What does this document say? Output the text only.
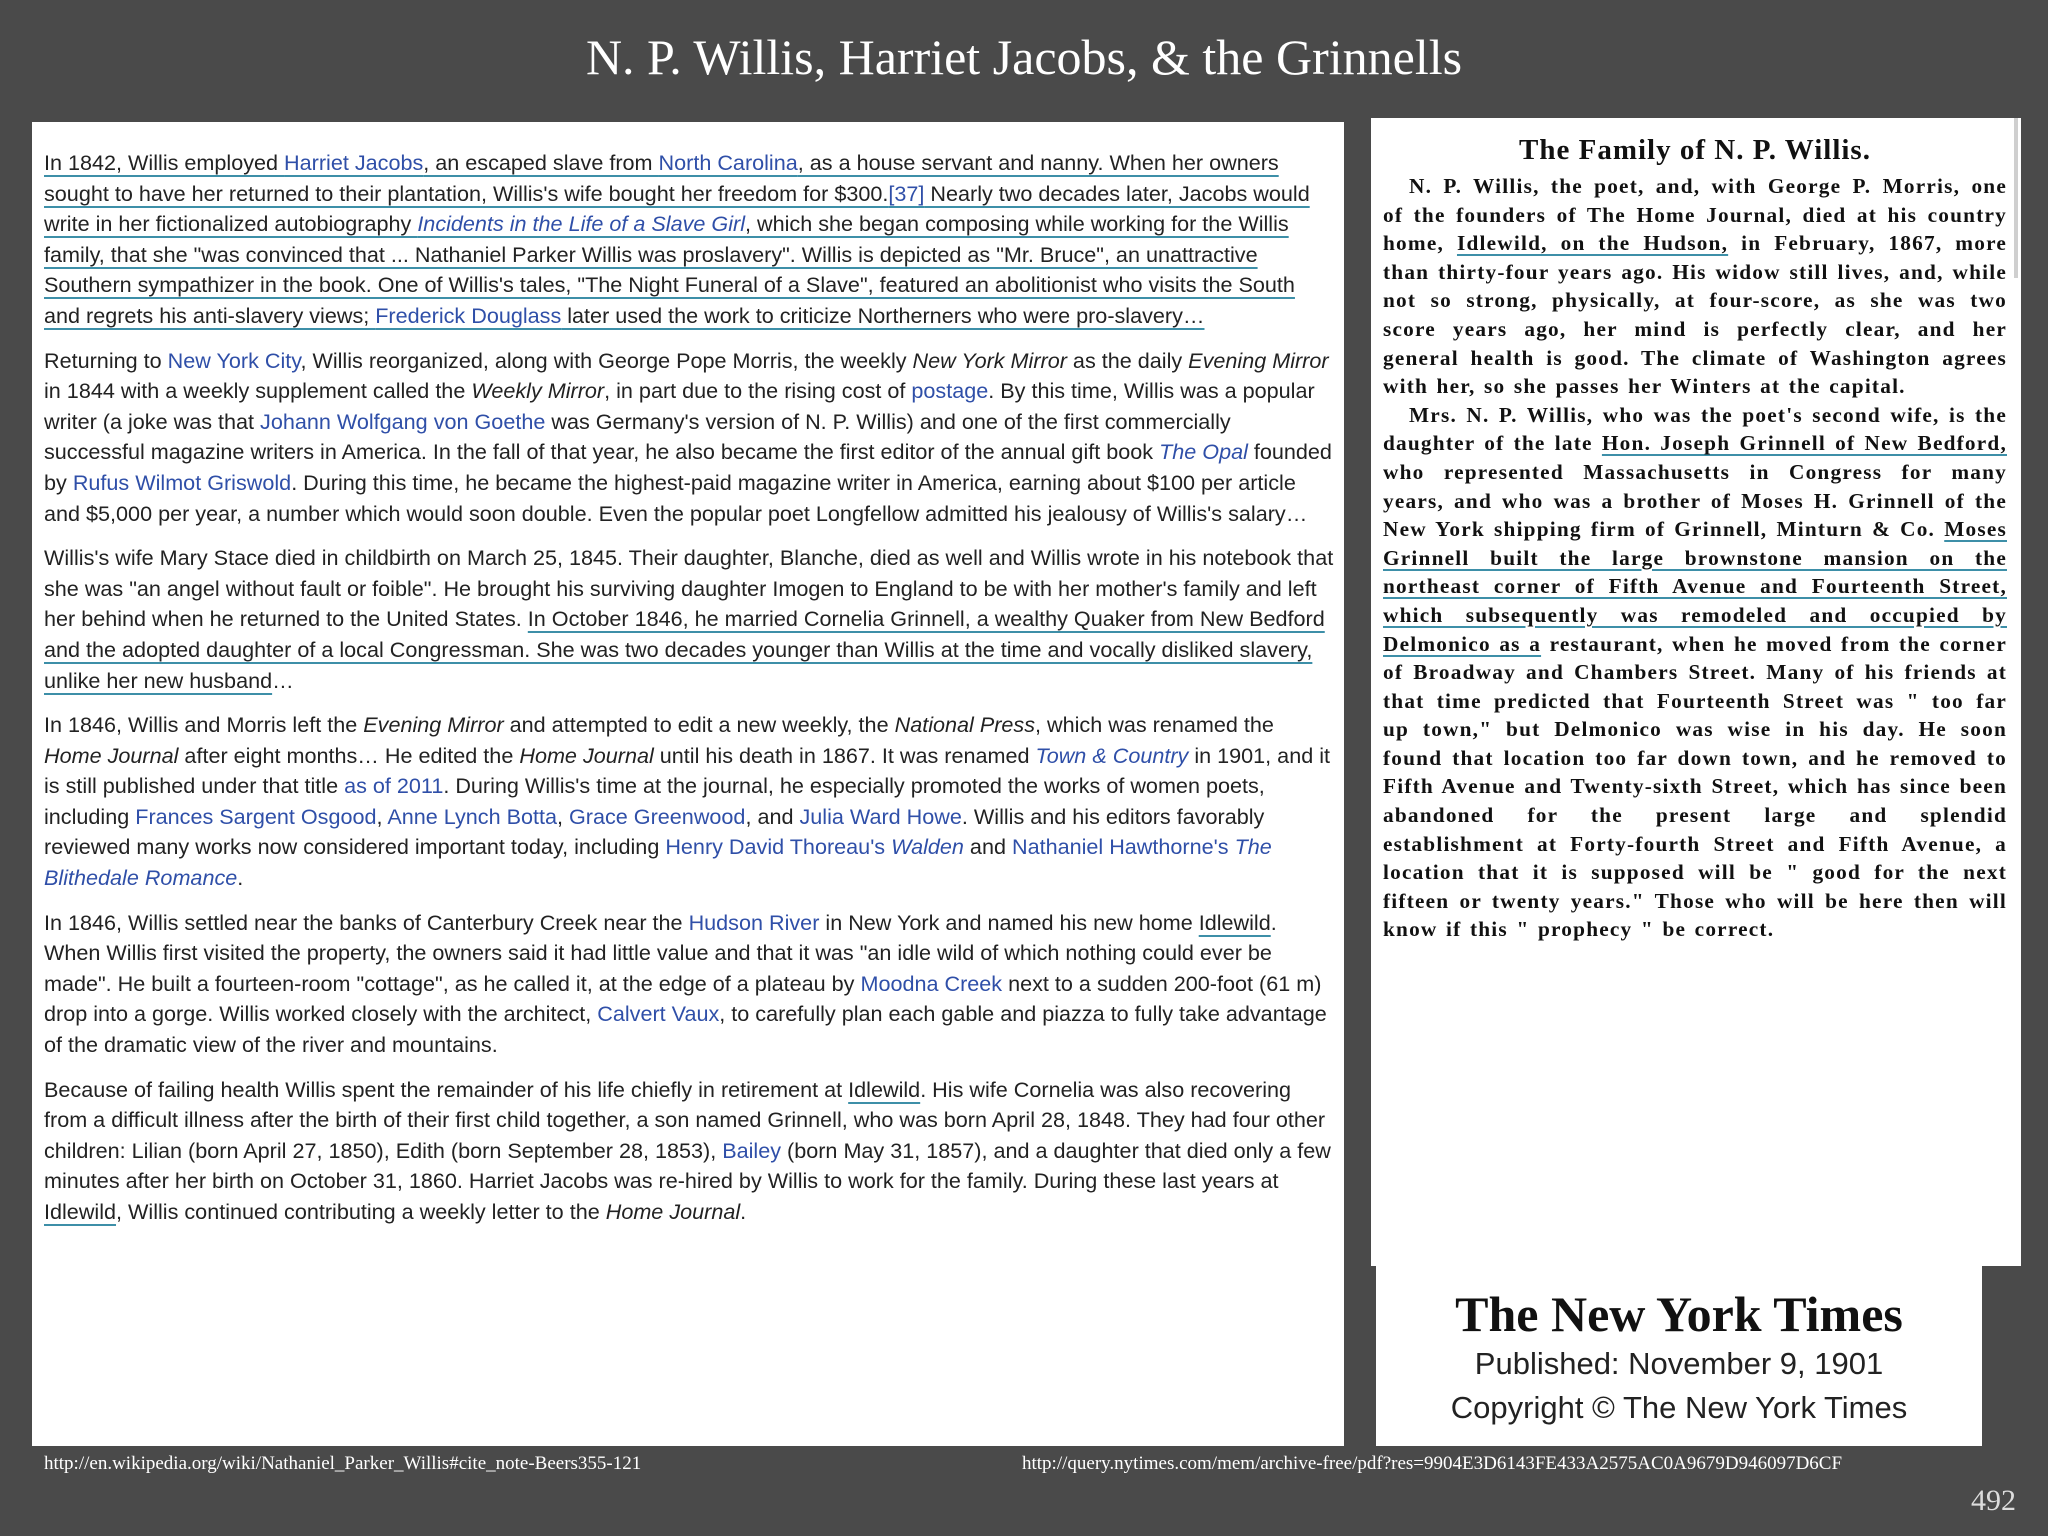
N. P. Willis, Harriet Jacobs, & the Grinnells

In 1842, Willis employed Harriet Jacobs, an escaped slave from North Carolina, as a house servant and nanny. When her owners sought to have her returned to their plantation, Willis's wife bought her freedom for $300.[37] Nearly two decades later, Jacobs would write in her fictionalized autobiography Incidents in the Life of a Slave Girl, which she began composing while working for the Willis family, that she "was convinced that ... Nathaniel Parker Willis was proslavery". Willis is depicted as "Mr. Bruce", an unattractive Southern sympathizer in the book. One of Willis's tales, "The Night Funeral of a Slave", featured an abolitionist who visits the South and regrets his anti-slavery views; Frederick Douglass later used the work to criticize Northerners who were pro-slavery…

Returning to New York City, Willis reorganized, along with George Pope Morris, the weekly New York Mirror as the daily Evening Mirror in 1844 with a weekly supplement called the Weekly Mirror, in part due to the rising cost of postage. By this time, Willis was a popular writer (a joke was that Johann Wolfgang von Goethe was Germany's version of N. P. Willis) and one of the first commercially successful magazine writers in America. In the fall of that year, he also became the first editor of the annual gift book The Opal founded by Rufus Wilmot Griswold. During this time, he became the highest-paid magazine writer in America, earning about $100 per article and $5,000 per year, a number which would soon double. Even the popular poet Longfellow admitted his jealousy of Willis's salary…

Willis's wife Mary Stace died in childbirth on March 25, 1845. Their daughter, Blanche, died as well and Willis wrote in his notebook that she was "an angel without fault or foible". He brought his surviving daughter Imogen to England to be with her mother's family and left her behind when he returned to the United States. In October 1846, he married Cornelia Grinnell, a wealthy Quaker from New Bedford and the adopted daughter of a local Congressman. She was two decades younger than Willis at the time and vocally disliked slavery, unlike her new husband…

In 1846, Willis and Morris left the Evening Mirror and attempted to edit a new weekly, the National Press, which was renamed the Home Journal after eight months… He edited the Home Journal until his death in 1867. It was renamed Town & Country in 1901, and it is still published under that title as of 2011. During Willis's time at the journal, he especially promoted the works of women poets, including Frances Sargent Osgood, Anne Lynch Botta, Grace Greenwood, and Julia Ward Howe. Willis and his editors favorably reviewed many works now considered important today, including Henry David Thoreau's Walden and Nathaniel Hawthorne's The Blithedale Romance.

In 1846, Willis settled near the banks of Canterbury Creek near the Hudson River in New York and named his new home Idlewild. When Willis first visited the property, the owners said it had little value and that it was "an idle wild of which nothing could ever be made". He built a fourteen-room "cottage", as he called it, at the edge of a plateau by Moodna Creek next to a sudden 200-foot (61 m) drop into a gorge. Willis worked closely with the architect, Calvert Vaux, to carefully plan each gable and piazza to fully take advantage of the dramatic view of the river and mountains.

Because of failing health Willis spent the remainder of his life chiefly in retirement at Idlewild. His wife Cornelia was also recovering from a difficult illness after the birth of their first child together, a son named Grinnell, who was born April 28, 1848. They had four other children: Lilian (born April 27, 1850), Edith (born September 28, 1853), Bailey (born May 31, 1857), and a daughter that died only a few minutes after her birth on October 31, 1860. Harriet Jacobs was re-hired by Willis to work for the family. During these last years at Idlewild, Willis continued contributing a weekly letter to the Home Journal.

The Family of N. P. Willis.

N. P. Willis, the poet, and, with George P. Morris, one of the founders of The Home Journal, died at his country home, Idlewild, on the Hudson, in February, 1867, more than thirty-four years ago. His widow still lives, and, while not so strong, physically, at four-score, as she was two score years ago, her mind is perfectly clear, and her general health is good. The climate of Washington agrees with her, so she passes her Winters at the capital.

Mrs. N. P. Willis, who was the poet's second wife, is the daughter of the late Hon. Joseph Grinnell of New Bedford, who represented Massachusetts in Congress for many years, and who was a brother of Moses H. Grinnell of the New York shipping firm of Grinnell, Minturn & Co. Moses Grinnell built the large brownstone mansion on the northeast corner of Fifth Avenue and Fourteenth Street, which subsequently was remodeled and occupied by Delmonico as a restaurant, when he moved from the corner of Broadway and Chambers Street. Many of his friends at that time predicted that Fourteenth Street was " too far up town," but Delmonico was wise in his day. He soon found that location too far down town, and he removed to Fifth Avenue and Twenty-sixth Street, which has since been abandoned for the present large and splendid establishment at Forty-fourth Street and Fifth Avenue, a location that it is supposed will be " good for the next fifteen or twenty years." Those who will be here then will know if this " prophecy " be correct.

The New York Times
Published: November 9, 1901
Copyright © The New York Times
http://en.wikipedia.org/wiki/Nathaniel_Parker_Willis#cite_note-Beers355-121	http://query.nytimes.com/mem/archive-free/pdf?res=9904E3D6143FE433A2575AC0A9679D946097D6CF
492
